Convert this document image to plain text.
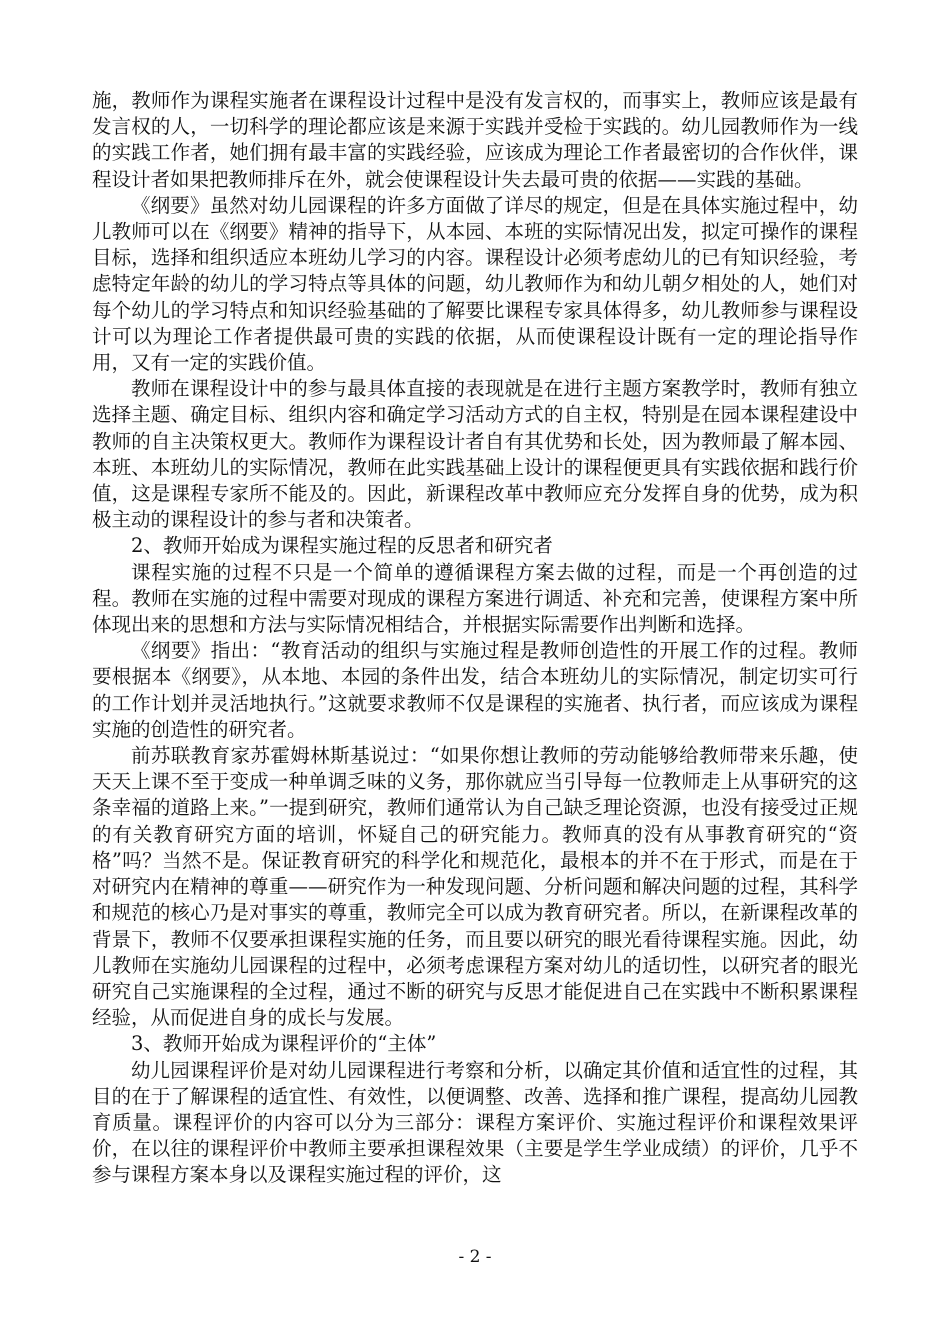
施，教师作为课程实施者在课程设计过程中是没有发言权的，而事实上，教师应该是最有发言权的人，一切科学的理论都应该是来源于实践并受检于实践的。幼儿园教师作为一线的实践工作者，她们拥有最丰富的实践经验，应该成为理论工作者最密切的合作伙伴，课程设计者如果把教师排斥在外，就会使课程设计失去最可贵的依据——实践的基础。

《纲要》虽然对幼儿园课程的许多方面做了详尽的规定，但是在具体实施过程中，幼儿教师可以在《纲要》精神的指导下，从本园、本班的实际情况出发，拟定可操作的课程目标，选择和组织适应本班幼儿学习的内容。课程设计必须考虑幼儿的已有知识经验，考虑特定年龄的幼儿的学习特点等具体的问题，幼儿教师作为和幼儿朝夕相处的人，她们对每个幼儿的学习特点和知识经验基础的了解要比课程专家具体得多，幼儿教师参与课程设计可以为理论工作者提供最可贵的实践的依据，从而使课程设计既有一定的理论指导作用，又有一定的实践价值。

教师在课程设计中的参与最具体直接的表现就是在进行主题方案教学时，教师有独立选择主题、确定目标、组织内容和确定学习活动方式的自主权，特别是在园本课程建设中教师的自主决策权更大。教师作为课程设计者自有其优势和长处，因为教师最了解本园、本班、本班幼儿的实际情况，教师在此实践基础上设计的课程便更具有实践依据和践行价值，这是课程专家所不能及的。因此，新课程改革中教师应充分发挥自身的优势，成为积极主动的课程设计的参与者和决策者。

2、教师开始成为课程实施过程的反思者和研究者

课程实施的过程不只是一个简单的遵循课程方案去做的过程，而是一个再创造的过程。教师在实施的过程中需要对现成的课程方案进行调适、补充和完善，使课程方案中所体现出来的思想和方法与实际情况相结合，并根据实际需要作出判断和选择。

《纲要》指出：“教育活动的组织与实施过程是教师创造性的开展工作的过程。教师要根据本《纲要》，从本地、本园的条件出发，结合本班幼儿的实际情况，制定切实可行的工作计划并灵活地执行。”这就要求教师不仅是课程的实施者、执行者，而应该成为课程实施的创造性的研究者。

前苏联教育家苏霍姆林斯基说过：“如果你想让教师的劳动能够给教师带来乐趣，使天天上课不至于变成一种单调乏味的义务，那你就应当引导每一位教师走上从事研究的这条幸福的道路上来。”一提到研究，教师们通常认为自己缺乏理论资源，也没有接受过正规的有关教育研究方面的培训，怀疑自己的研究能力。教师真的没有从事教育研究的“资格”吗？当然不是。保证教育研究的科学化和规范化，最根本的并不在于形式，而是在于对研究内在精神的尊重——研究作为一种发现问题、分析问题和解决问题的过程，其科学和规范的核心乃是对事实的尊重，教师完全可以成为教育研究者。所以，在新课程改革的背景下，教师不仅要承担课程实施的任务，而且要以研究的眼光看待课程实施。因此，幼儿教师在实施幼儿园课程的过程中，必须考虑课程方案对幼儿的适切性，以研究者的眼光研究自己实施课程的全过程，通过不断的研究与反思才能促进自己在实践中不断积累课程经验，从而促进自身的成长与发展。

3、教师开始成为课程评价的“主体”

幼儿园课程评价是对幼儿园课程进行考察和分析，以确定其价值和适宜性的过程，其目的在于了解课程的适宜性、有效性，以便调整、改善、选择和推广课程，提高幼儿园教育质量。课程评价的内容可以分为三部分：课程方案评价、实施过程评价和课程效果评价，在以往的课程评价中教师主要承担课程效果（主要是学生学业成绩）的评价，几乎不参与课程方案本身以及课程实施过程的评价，这

- 2 -
